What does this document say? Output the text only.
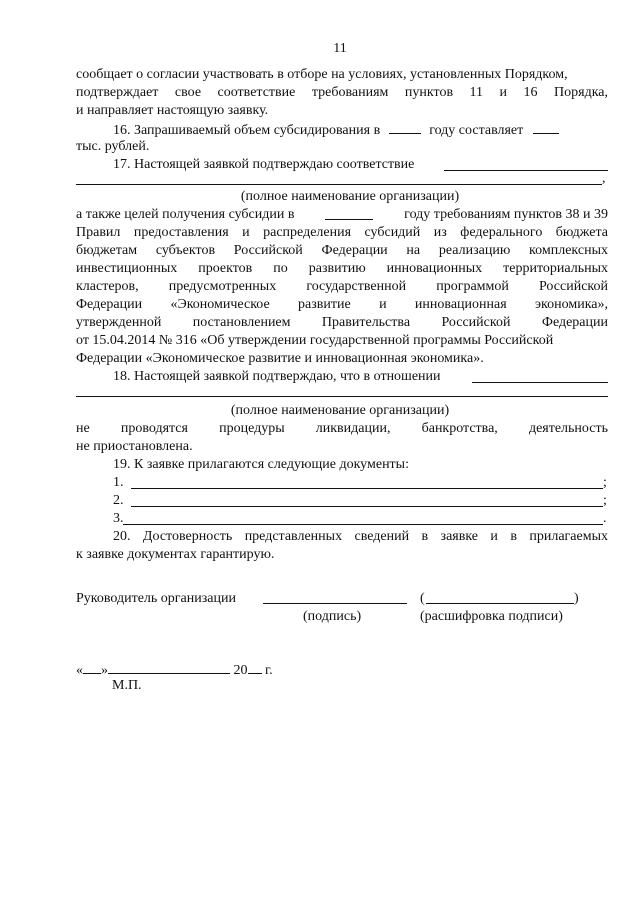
11
сообщает о согласии участвовать в отборе на условиях, установленных Порядком,
подтверждает свое соответствие требованиям пунктов 11 и 16 Порядка,
и направляет настоящую заявку.
16. Запрашиваемый объем субсидирования в	году составляет
тыс. рублей.
17. Настоящей заявкой подтверждаю соответствие
,
(полное наименование организации)
а также целей получения субсидии в	году требованиям пунктов 38 и 39
Правил предоставления и распределения субсидий из федерального бюджета
бюджетам субъектов Российской Федерации на реализацию комплексных
инвестиционных проектов по развитию инновационных территориальных
кластеров, предусмотренных государственной программой Российской
Федерации «Экономическое развитие и инновационная экономика»,
утвержденной постановлением Правительства Российской Федерации
от 15.04.2014 № 316 «Об утверждении государственной программы Российской
Федерации «Экономическое развитие и инновационная экономика».
18. Настоящей заявкой подтверждаю, что в отношении
(полное наименование организации)
не проводятся процедуры ликвидации, банкротства, деятельность
не приостановлена.
19. К заявке прилагаются следующие документы:
1.	;
2.	;
3.	.
20. Достоверность представленных сведений в заявке и в прилагаемых
к заявке документах гарантирую.
Руководитель организации	(	)
(подпись)	(расшифровка подписи)
« »	20 г.
М.П.
